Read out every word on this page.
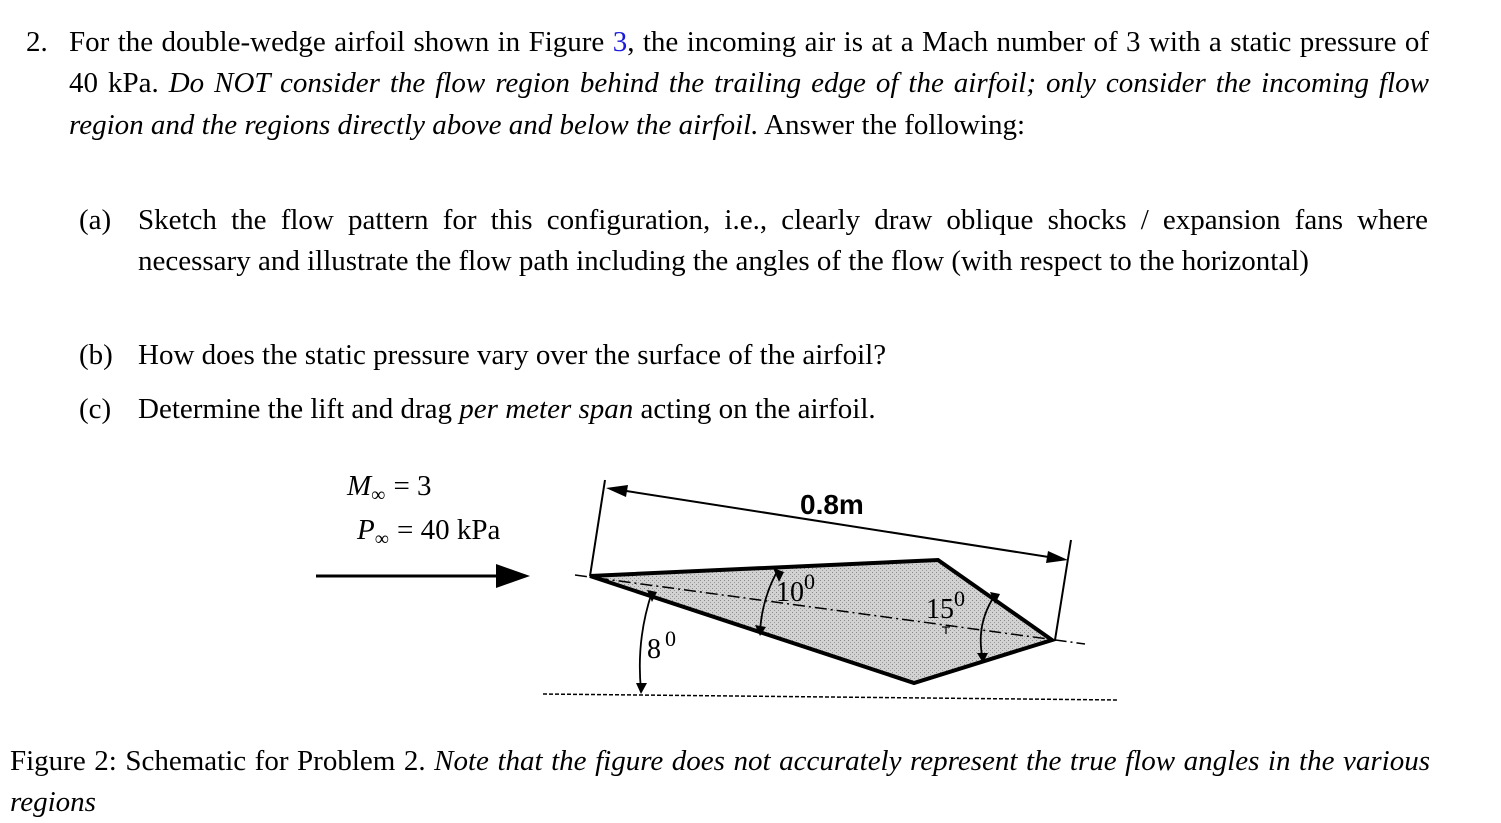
2. For the double-wedge airfoil shown in Figure 3, the incoming air is at a Mach number of 3 with a static pressure of 40 kPa. Do NOT consider the flow region behind the trailing edge of the airfoil; only consider the incoming flow region and the regions directly above and below the airfoil. Answer the following:
(a) Sketch the flow pattern for this configuration, i.e., clearly draw oblique shocks / expansion fans where necessary and illustrate the flow path including the angles of the flow (with respect to the horizontal)
(b) How does the static pressure vary over the surface of the airfoil?
(c) Determine the lift and drag per meter span acting on the airfoil.
$M_\infty = 3$
$P_\infty = 40$ kPa
0.8m
$10^0$
$15^0$
8 $^0$
Figure 2: Schematic for Problem 2. Note that the figure does not accurately represent the true flow angles in the various regions
